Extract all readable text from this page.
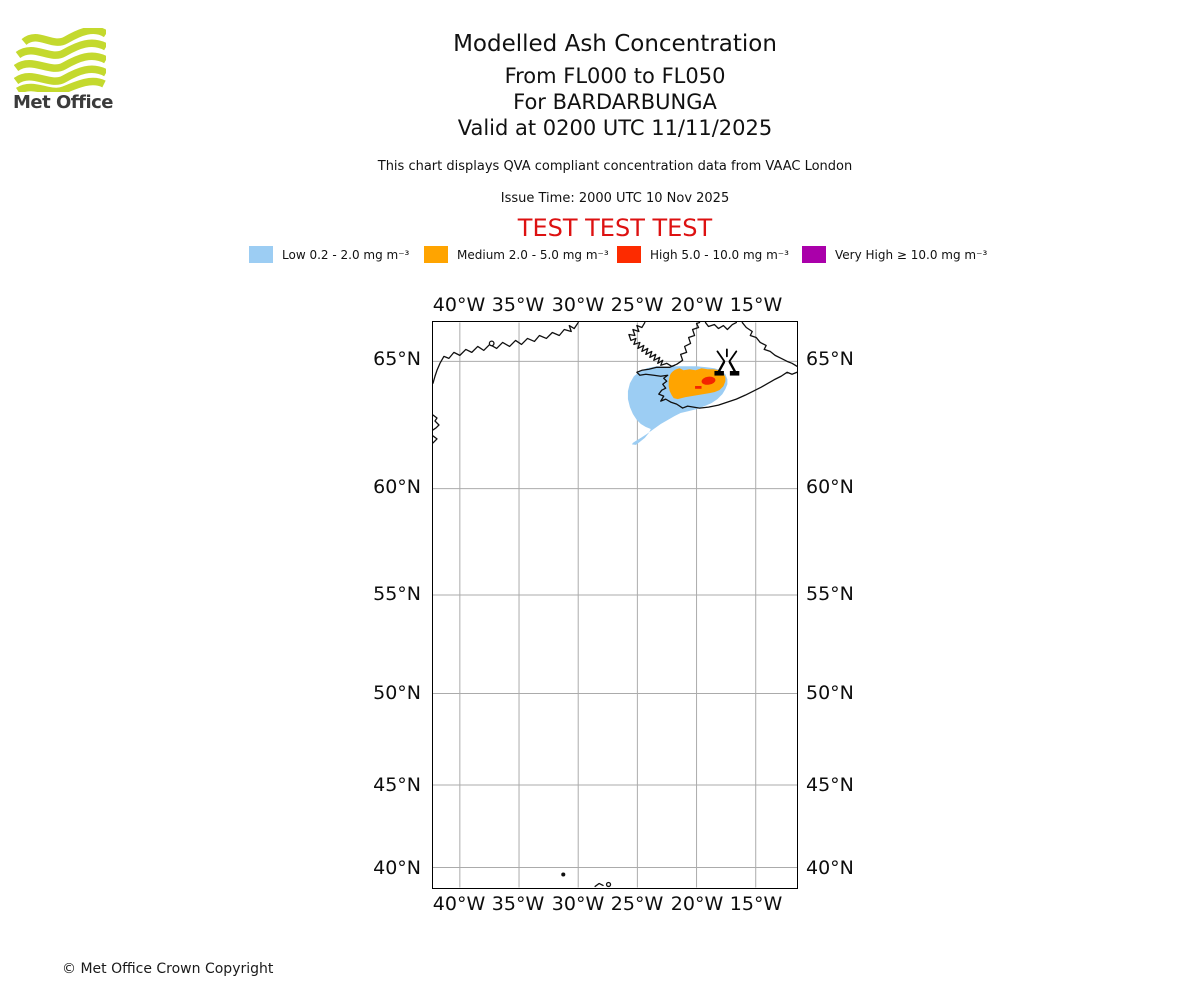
Met Office
Modelled Ash Concentration
From FL000 to FL050
For BARDARBUNGA
Valid at 0200 UTC 11/11/2025
This chart displays QVA compliant concentration data from VAAC London
Issue Time: 2000 UTC 10 Nov 2025
TEST TEST TEST
Low 0.2 - 2.0 mg m⁻³	Medium 2.0 - 5.0 mg m⁻³	High 5.0 - 10.0 mg m⁻³	Very High ≥ 10.0 mg m⁻³
40°W 35°W 30°W 25°W 20°W 15°W
40°W 35°W 30°W 25°W 20°W 15°W
65°N
60°N
55°N
50°N
45°N
40°N
65°N
60°N
55°N
50°N
45°N
40°N
© Met Office Crown Copyright
